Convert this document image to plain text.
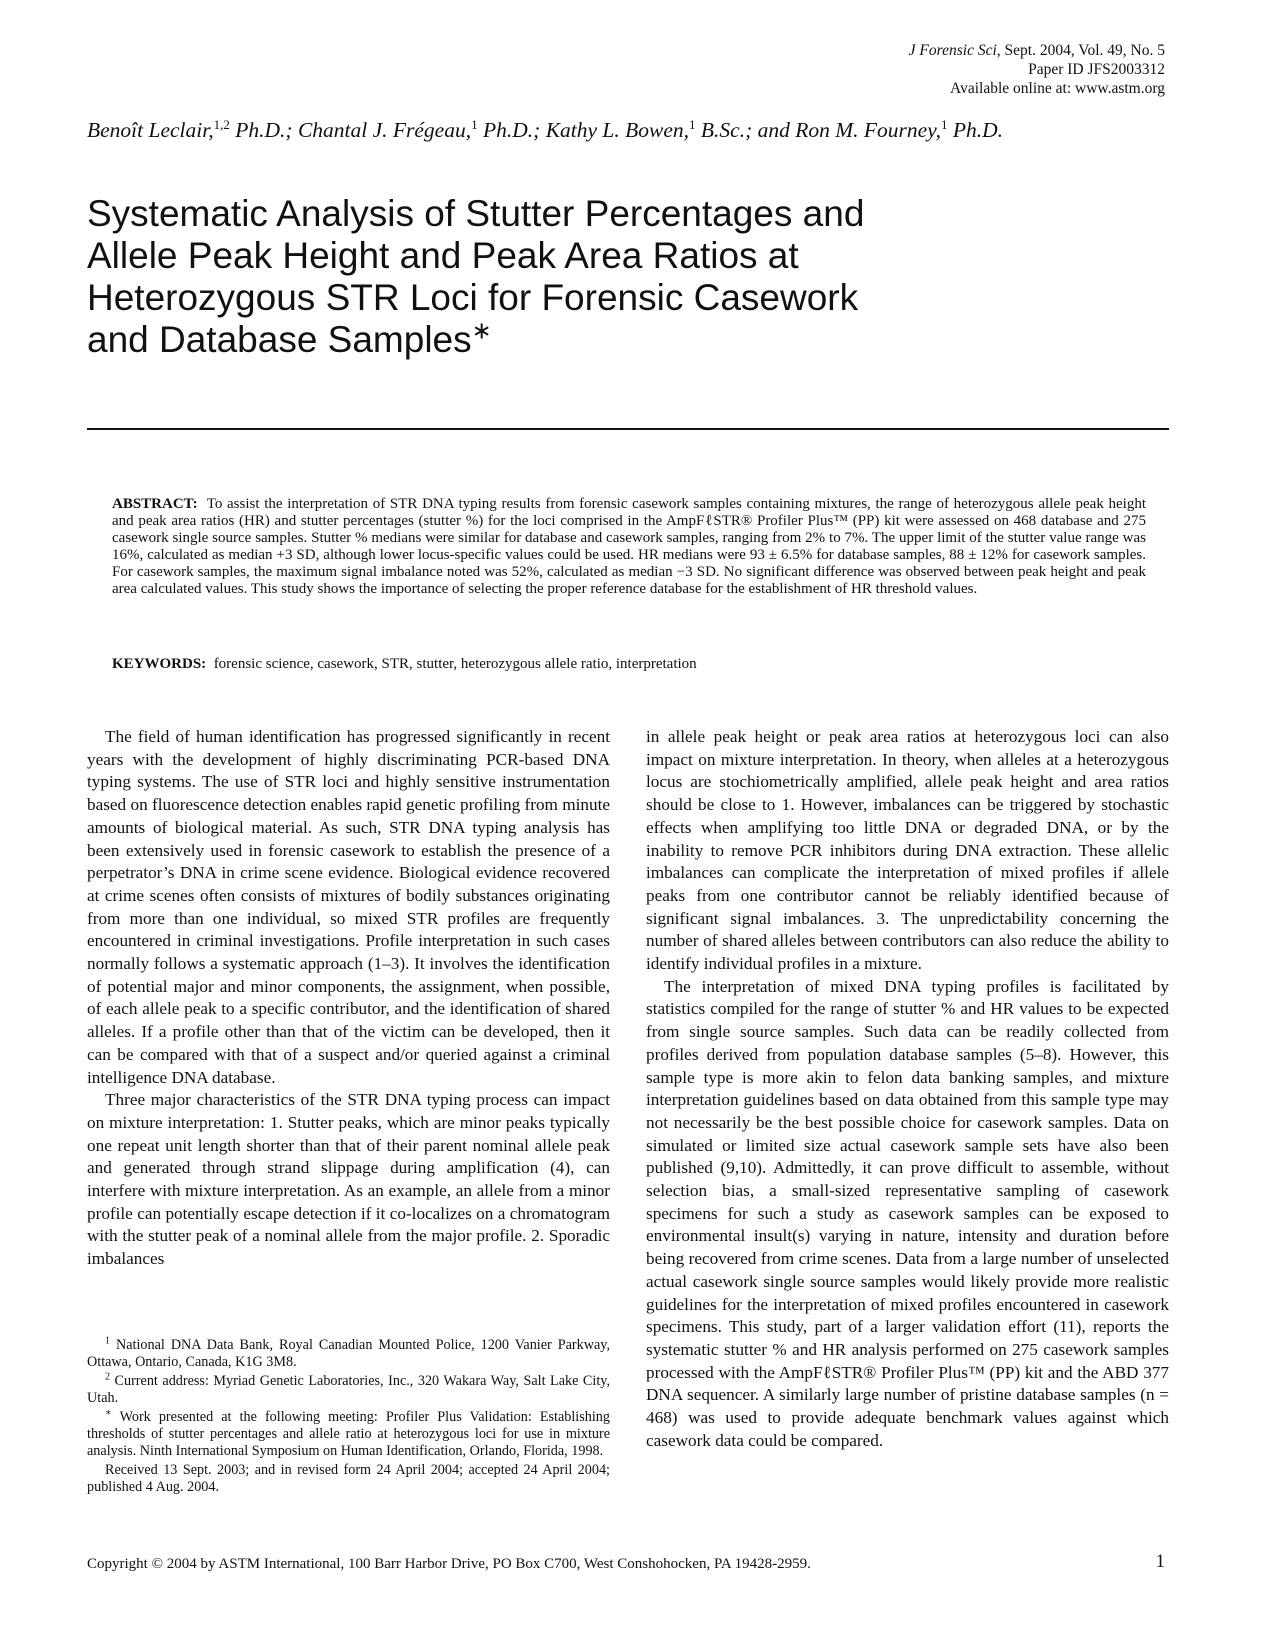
J Forensic Sci, Sept. 2004, Vol. 49, No. 5
Paper ID JFS2003312
Available online at: www.astm.org
Benoît Leclair,$^{1,2}$ Ph.D.; Chantal J. Frégeau,$^1$ Ph.D.; Kathy L. Bowen,$^1$ B.Sc.; and Ron M. Fourney,$^1$ Ph.D.
Systematic Analysis of Stutter Percentages and
Allele Peak Height and Peak Area Ratios at
Heterozygous STR Loci for Forensic Casework
and Database Samples∗
ABSTRACT: To assist the interpretation of STR DNA typing results from forensic casework samples containing mixtures, the range of heterozygous allele peak height and peak area ratios (HR) and stutter percentages (stutter %) for the loci comprised in the AmpFℓSTR® Profiler Plus™ (PP) kit were assessed on 468 database and 275 casework single source samples. Stutter % medians were similar for database and casework samples, ranging from 2% to 7%. The upper limit of the stutter value range was 16%, calculated as median +3 SD, although lower locus-specific values could be used. HR medians were 93 ± 6.5% for database samples, 88 ± 12% for casework samples. For casework samples, the maximum signal imbalance noted was 52%, calculated as median −3 SD. No significant difference was observed between peak height and peak area calculated values. This study shows the importance of selecting the proper reference database for the establishment of HR threshold values.
KEYWORDS: forensic science, casework, STR, stutter, heterozygous allele ratio, interpretation

The field of human identification has progressed significantly in recent years with the development of highly discriminating PCR-based DNA typing systems. The use of STR loci and highly sensitive instrumentation based on fluorescence detection enables rapid genetic profiling from minute amounts of biological material. As such, STR DNA typing analysis has been extensively used in forensic casework to establish the presence of a perpetrator’s DNA in crime scene evidence. Biological evidence recovered at crime scenes often consists of mixtures of bodily substances originating from more than one individual, so mixed STR profiles are frequently encountered in criminal investigations. Profile interpretation in such cases normally follows a systematic approach (1–3). It involves the identification of potential major and minor components, the assignment, when possible, of each allele peak to a specific contributor, and the identification of shared alleles. If a profile other than that of the victim can be developed, then it can be compared with that of a suspect and/or queried against a criminal intelligence DNA database.

Three major characteristics of the STR DNA typing process can impact on mixture interpretation: 1. Stutter peaks, which are minor peaks typically one repeat unit length shorter than that of their parent nominal allele peak and generated through strand slippage during amplification (4), can interfere with mixture interpretation. As an example, an allele from a minor profile can potentially escape detection if it co-localizes on a chromatogram with the stutter peak of a nominal allele from the major profile. 2. Sporadic imbalances

$^1$ National DNA Data Bank, Royal Canadian Mounted Police, 1200 Vanier Parkway, Ottawa, Ontario, Canada, K1G 3M8.

$^2$ Current address: Myriad Genetic Laboratories, Inc., 320 Wakara Way, Salt Lake City, Utah.

∗ Work presented at the following meeting: Profiler Plus Validation: Establishing thresholds of stutter percentages and allele ratio at heterozygous loci for use in mixture analysis. Ninth International Symposium on Human Identification, Orlando, Florida, 1998.

Received 13 Sept. 2003; and in revised form 24 April 2004; accepted 24 April 2004; published 4 Aug. 2004.

in allele peak height or peak area ratios at heterozygous loci can also impact on mixture interpretation. In theory, when alleles at a heterozygous locus are stochiometrically amplified, allele peak height and area ratios should be close to 1. However, imbalances can be triggered by stochastic effects when amplifying too little DNA or degraded DNA, or by the inability to remove PCR inhibitors during DNA extraction. These allelic imbalances can complicate the interpretation of mixed profiles if allele peaks from one contributor cannot be reliably identified because of significant signal imbalances. 3. The unpredictability concerning the number of shared alleles between contributors can also reduce the ability to identify individual profiles in a mixture.

The interpretation of mixed DNA typing profiles is facilitated by statistics compiled for the range of stutter % and HR values to be expected from single source samples. Such data can be readily collected from profiles derived from population database samples (5–8). However, this sample type is more akin to felon data banking samples, and mixture interpretation guidelines based on data obtained from this sample type may not necessarily be the best possible choice for casework samples. Data on simulated or limited size actual casework sample sets have also been published (9,10). Admittedly, it can prove difficult to assemble, without selection bias, a small-sized representative sampling of casework specimens for such a study as casework samples can be exposed to environmental insult(s) varying in nature, intensity and duration before being recovered from crime scenes. Data from a large number of unselected actual casework single source samples would likely provide more realistic guidelines for the interpretation of mixed profiles encountered in casework specimens. This study, part of a larger validation effort (11), reports the systematic stutter % and HR analysis performed on 275 casework samples processed with the AmpFℓSTR® Profiler Plus™ (PP) kit and the ABD 377 DNA sequencer. A similarly large number of pristine database samples (n = 468) was used to provide adequate benchmark values against which casework data could be compared.

Copyright © 2004 by ASTM International, 100 Barr Harbor Drive, PO Box C700, West Conshohocken, PA 19428-2959.	1
